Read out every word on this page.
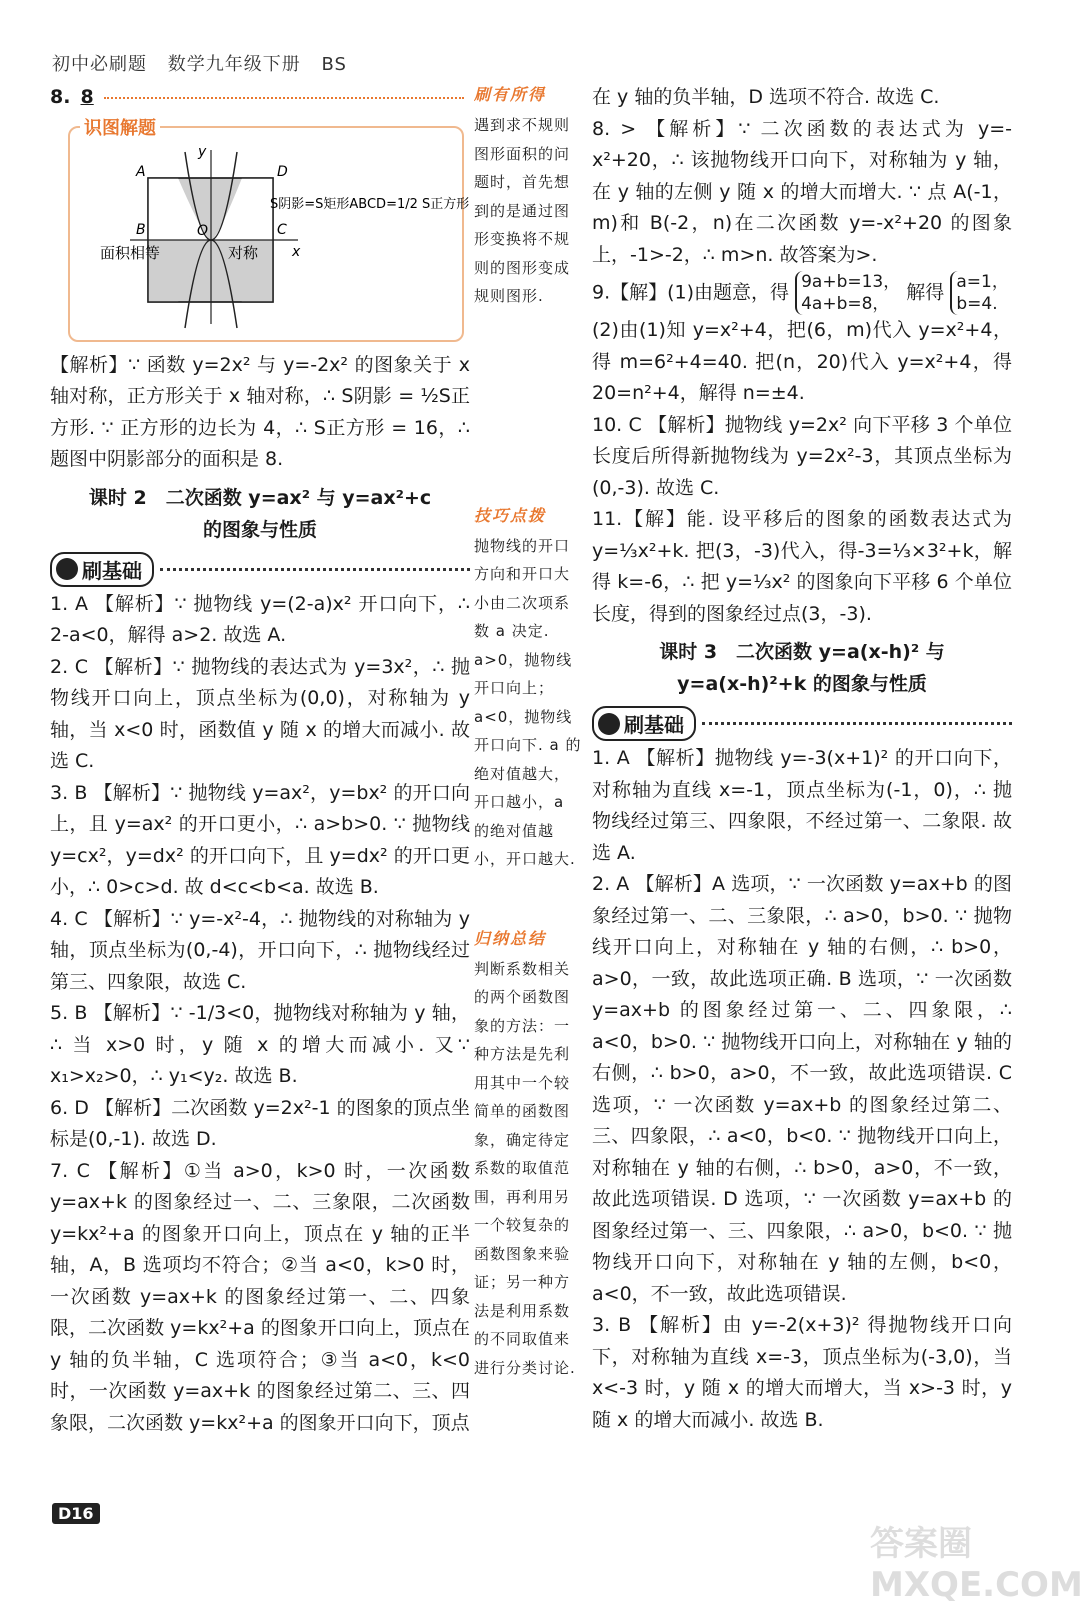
初中必刷题 数学九年级下册 BS

8. 8

识图解题
A
B	C
D
O
x
y
S阴影=S矩形ABCD=1/2 S正方形
面积相等	对称

【解析】∵ 函数 y=2x² 与 y=-2x² 的图象关于 x 轴对称，正方形关于 x 轴对称，∴ S阴影 = ½S正方形. ∵ 正方形的边长为 4，∴ S正方形 = 16，∴ 题图中阴影部分的面积是 8.

课时 2　二次函数 y=ax² 与 y=ax²+c
的图象与性质
刷基础

1. A 【解析】∵ 抛物线 y=(2-a)x² 开口向下，∴ 2-a<0，解得 a>2. 故选 A.

2. C 【解析】∵ 抛物线的表达式为 y=3x²，∴ 抛物线开口向上，顶点坐标为(0,0)，对称轴为 y 轴，当 x<0 时，函数值 y 随 x 的增大而减小. 故选 C.

3. B 【解析】∵ 抛物线 y=ax²，y=bx² 的开口向上，且 y=ax² 的开口更小，∴ a>b>0. ∵ 抛物线 y=cx²，y=dx² 的开口向下，且 y=dx² 的开口更小，∴ 0>c>d. 故 d<c<b<a. 故选 B.

4. C 【解析】∵ y=-x²-4，∴ 抛物线的对称轴为 y 轴，顶点坐标为(0,-4)，开口向下，∴ 抛物线经过第三、四象限，故选 C.

5. B 【解析】∵ -1/3<0，抛物线对称轴为 y 轴，∴ 当 x>0 时，y 随 x 的增大而减小. 又∵ x₁>x₂>0，∴ y₁<y₂. 故选 B.

6. D 【解析】二次函数 y=2x²-1 的图象的顶点坐标是(0,-1). 故选 D.

7. C 【解析】①当 a>0，k>0 时，一次函数 y=ax+k 的图象经过一、二、三象限，二次函数 y=kx²+a 的图象开口向上，顶点在 y 轴的正半轴，A，B 选项均不符合；②当 a<0，k>0 时，一次函数 y=ax+k 的图象经过第一、二、四象限，二次函数 y=kx²+a 的图象开口向上，顶点在 y 轴的负半轴，C 选项符合；③当 a<0，k<0 时，一次函数 y=ax+k 的图象经过第二、三、四象限，二次函数 y=kx²+a 的图象开口向下，顶点

刷有所得

遇到求不规则图形面积的问题时，首先想到的是通过图形变换将不规则的图形变成规则图形.

技巧点拨

抛物线的开口方向和开口大小由二次项系数 a 决定. a>0，抛物线开口向上；a<0，抛物线开口向下. a 的绝对值越大，开口越小，a 的绝对值越小，开口越大.

归纳总结

判断系数相关的两个函数图象的方法：一种方法是先利用其中一个较简单的函数图象，确定待定系数的取值范围，再利用另一个较复杂的函数图象来验证；另一种方法是利用系数的不同取值来进行分类讨论.

在 y 轴的负半轴，D 选项不符合. 故选 C.

8. > 【解析】∵ 二次函数的表达式为 y=-x²+20，∴ 该抛物线开口向下，对称轴为 y 轴，在 y 轴的左侧 y 随 x 的增大而增大. ∵ 点 A(-1，m)和 B(-2，n)在二次函数 y=-x²+20 的图象上，-1>-2，∴ m>n. 故答案为>.

9.【解】(1)由题意，得 9a+b=13，
4a+b=8， 解得 a=1，
b=4.

(2)由(1)知 y=x²+4，把(6，m)代入 y=x²+4，得 m=6²+4=40. 把(n，20)代入 y=x²+4，得 20=n²+4，解得 n=±4.

10. C 【解析】抛物线 y=2x² 向下平移 3 个单位长度后所得新抛物线为 y=2x²-3，其顶点坐标为(0,-3). 故选 C.

11.【解】能. 设平移后的图象的函数表达式为 y=⅓x²+k. 把(3，-3)代入，得-3=⅓×3²+k，解得 k=-6，∴ 把 y=⅓x² 的图象向下平移 6 个单位长度，得到的图象经过点(3，-3).

课时 3　二次函数 y=a(x-h)² 与
y=a(x-h)²+k 的图象与性质
刷基础

1. A 【解析】抛物线 y=-3(x+1)² 的开口向下，对称轴为直线 x=-1，顶点坐标为(-1，0)，∴ 抛物线经过第三、四象限，不经过第一、二象限. 故选 A.

2. A 【解析】A 选项，∵ 一次函数 y=ax+b 的图象经过第一、二、三象限，∴ a>0，b>0. ∵ 抛物线开口向上，对称轴在 y 轴的右侧，∴ b>0，a>0，一致，故此选项正确. B 选项，∵ 一次函数 y=ax+b 的图象经过第一、二、四象限，∴ a<0，b>0. ∵ 抛物线开口向上，对称轴在 y 轴的右侧，∴ b>0，a>0，不一致，故此选项错误. C 选项，∵ 一次函数 y=ax+b 的图象经过第二、三、四象限，∴ a<0，b<0. ∵ 抛物线开口向上，对称轴在 y 轴的右侧，∴ b>0，a>0，不一致，故此选项错误. D 选项，∵ 一次函数 y=ax+b 的图象经过第一、三、四象限，∴ a>0，b<0. ∵ 抛物线开口向下，对称轴在 y 轴的左侧，b<0，a<0，不一致，故此选项错误.

3. B 【解析】由 y=-2(x+3)² 得抛物线开口向下，对称轴为直线 x=-3，顶点坐标为(-3,0)，当 x<-3 时，y 随 x 的增大而增大，当 x>-3 时，y 随 x 的增大而减小. 故选 B.

D16
答案圈 MXQE.COM
